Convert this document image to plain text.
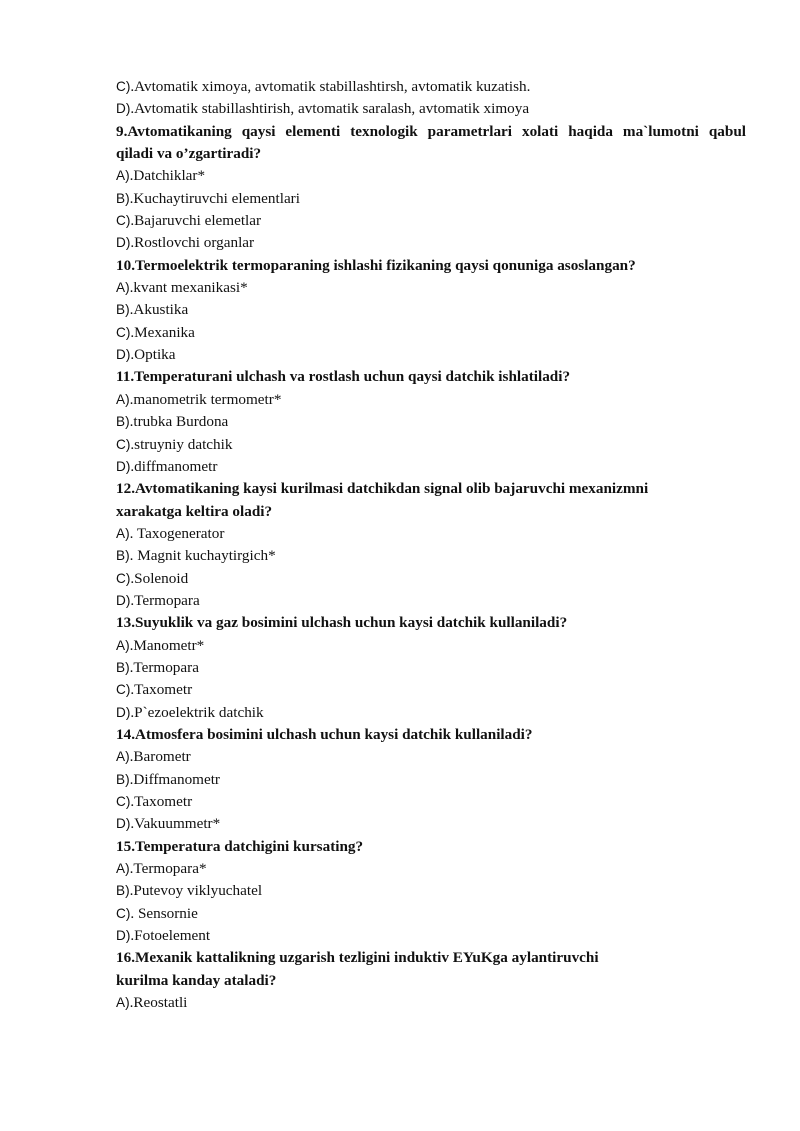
C).Avtomatik ximoya, avtomatik stabillashtirsh, avtomatik kuzatish.
D).Avtomatik stabillashtirish, avtomatik saralash, avtomatik ximoya
9.Avtomatikaning qaysi elementi texnologik parametrlari xolati haqida ma`lumotni qabul
qiladi va o’zgartiradi?
A).Datchiklar*
B).Kuchaytiruvchi elementlari
C).Bajaruvchi elemetlar
D).Rostlovchi organlar
10.Termoelektrik termoparaning ishlashi fizikaning qaysi qonuniga asoslangan?
A).kvant mexanikasi*
B).Akustika
C).Mexanika
D).Optika
11.Temperaturani ulchash va rostlash uchun qaysi datchik ishlatiladi?
A).manometrik termometr*
B).trubka Burdona
C).struyniy datchik
D).diffmanometr
12.Avtomatikaning kaysi kurilmasi datchikdan signal olib bajaruvchi mexanizmni
xarakatga keltira oladi?
A). Taxogenerator
B). Magnit kuchaytirgich*
C).Solenoid
D).Termopara
13.Suyuklik va gaz bosimini ulchash uchun kaysi datchik kullaniladi?
A).Manometr*
B).Termopara
C).Taxometr
D).P`ezoelektrik datchik
14.Atmosfera bosimini ulchash uchun kaysi datchik kullaniladi?
A).Barometr
B).Diffmanometr
C).Taxometr
D).Vakuummetr*
15.Temperatura datchigini kursating?
A).Termopara*
B).Putevoy viklyuchatel
C). Sensornie
D).Fotoelement
16.Mexanik kattalikning uzgarish tezligini induktiv EYuKga aylantiruvchi
kurilma kanday ataladi?
A).Reostatli
